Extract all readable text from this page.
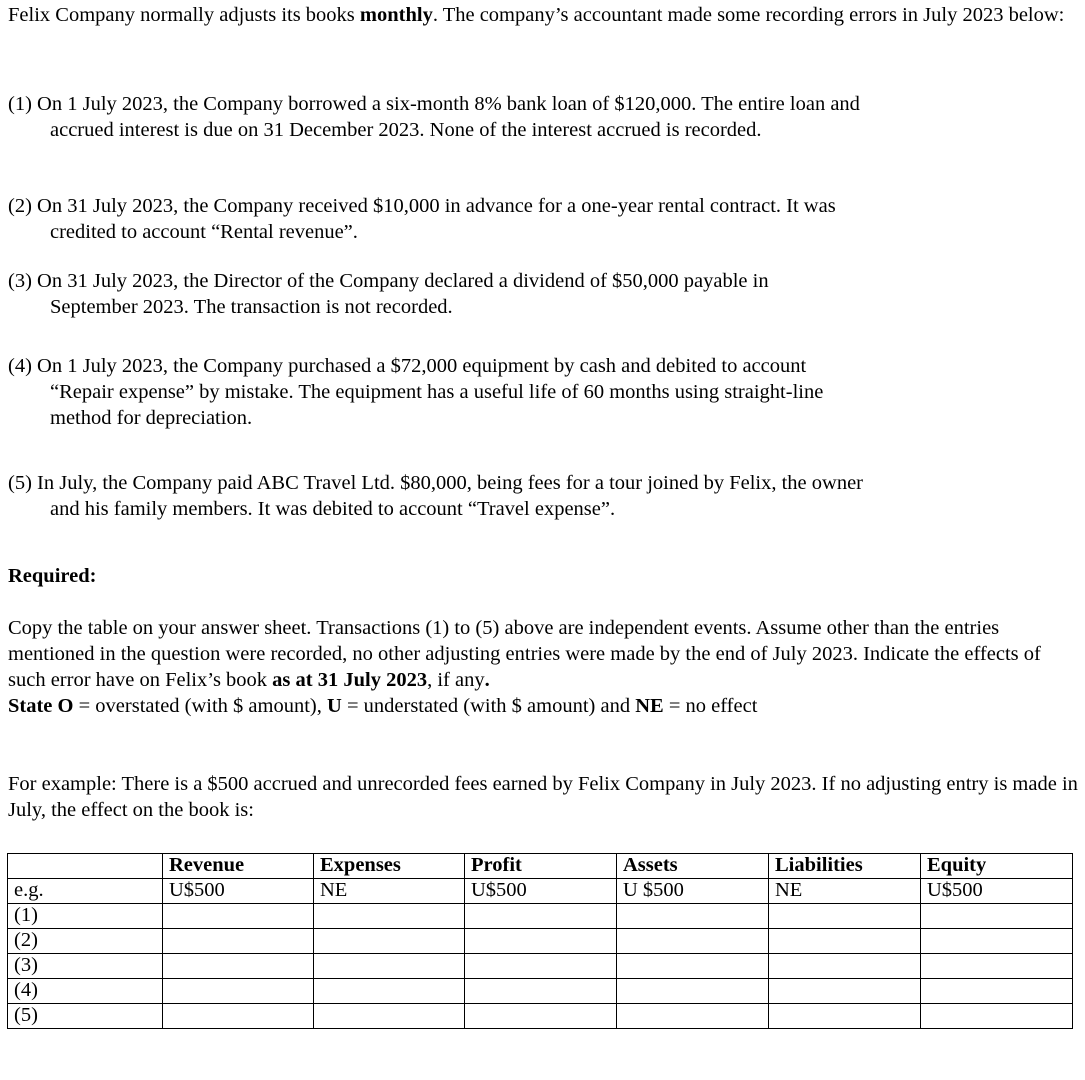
Felix Company normally adjusts its books monthly. The company’s accountant made some recording errors in July 2023 below:

(1) On 1 July 2023, the Company borrowed a six-month 8% bank loan of $120,000. The entire loan and
accrued interest is due on 31 December 2023. None of the interest accrued is recorded.
(2) On 31 July 2023, the Company received $10,000 in advance for a one-year rental contract. It was
credited to account “Rental revenue”.
(3) On 31 July 2023, the Director of the Company declared a dividend of $50,000 payable in
September 2023. The transaction is not recorded.
(4) On 1 July 2023, the Company purchased a $72,000 equipment by cash and debited to account
“Repair expense” by mistake. The equipment has a useful life of 60 months using straight-line
method for depreciation.
(5) In July, the Company paid ABC Travel Ltd. $80,000, being fees for a tour joined by Felix, the owner
and his family members. It was debited to account “Travel expense”.
Required:

Copy the table on your answer sheet. Transactions (1) to (5) above are independent events. Assume other than the entries mentioned in the question were recorded, no other adjusting entries were made by the end of July 2023. Indicate the effects of such error have on Felix’s book as at 31 July 2023, if any.
State O = overstated (with $ amount), U = understated (with $ amount) and NE = no effect

For example: There is a $500 accrued and unrecorded fees earned by Felix Company in July 2023. If no adjusting entry is made in July, the effect on the book is:

	Revenue	Expenses	Profit	Assets	Liabilities	Equity
e.g.	U$500	NE	U$500	U $500	NE	U$500
(1)						
(2)						
(3)						
(4)						
(5)						
